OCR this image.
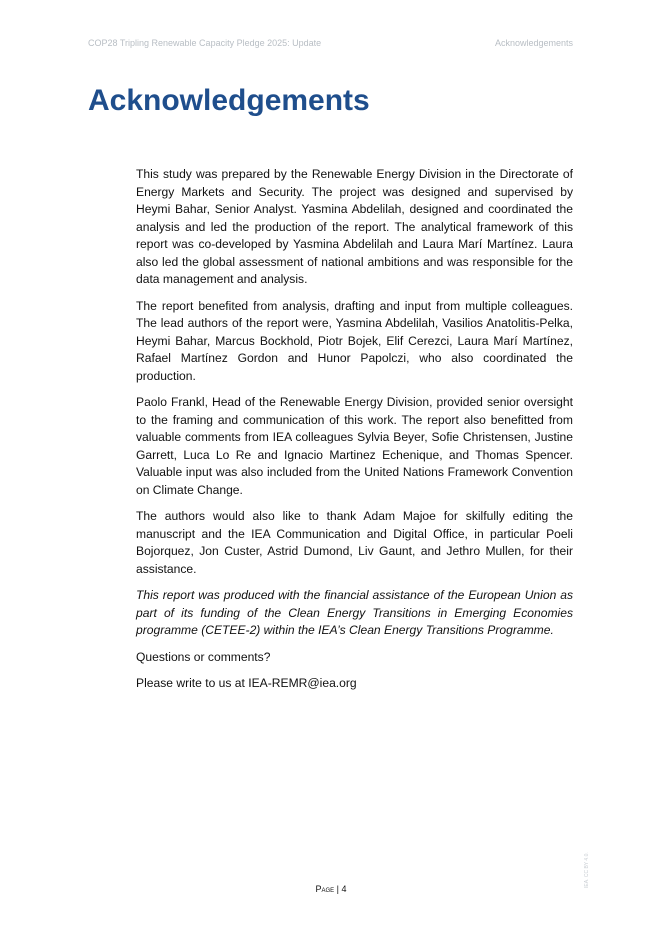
COP28 Tripling Renewable Capacity Pledge 2025: Update	Acknowledgements
Acknowledgements

This study was prepared by the Renewable Energy Division in the Directorate of Energy Markets and Security. The project was designed and supervised by Heymi Bahar, Senior Analyst. Yasmina Abdelilah, designed and coordinated the analysis and led the production of the report. The analytical framework of this report was co-developed by Yasmina Abdelilah and Laura Marí Martínez. Laura also led the global assessment of national ambitions and was responsible for the data management and analysis.

The report benefited from analysis, drafting and input from multiple colleagues. The lead authors of the report were, Yasmina Abdelilah, Vasilios Anatolitis-Pelka, Heymi Bahar, Marcus Bockhold, Piotr Bojek, Elif Cerezci, Laura Marí Martínez, Rafael Martínez Gordon and Hunor Papolczi, who also coordinated the production.

Paolo Frankl, Head of the Renewable Energy Division, provided senior oversight to the framing and communication of this work. The report also benefitted from valuable comments from IEA colleagues Sylvia Beyer, Sofie Christensen, Justine Garrett, Luca Lo Re and Ignacio Martinez Echenique, and Thomas Spencer. Valuable input was also included from the United Nations Framework Convention on Climate Change.

The authors would also like to thank Adam Majoe for skilfully editing the manuscript and the IEA Communication and Digital Office, in particular Poeli Bojorquez, Jon Custer, Astrid Dumond, Liv Gaunt, and Jethro Mullen, for their assistance.

This report was produced with the financial assistance of the European Union as part of its funding of the Clean Energy Transitions in Emerging Economies programme (CETEE-2) within the IEA’s Clean Energy Transitions Programme.

Questions or comments?

Please write to us at IEA-REMR@iea.org

Page | 4
IEA. CC BY 4.0.
